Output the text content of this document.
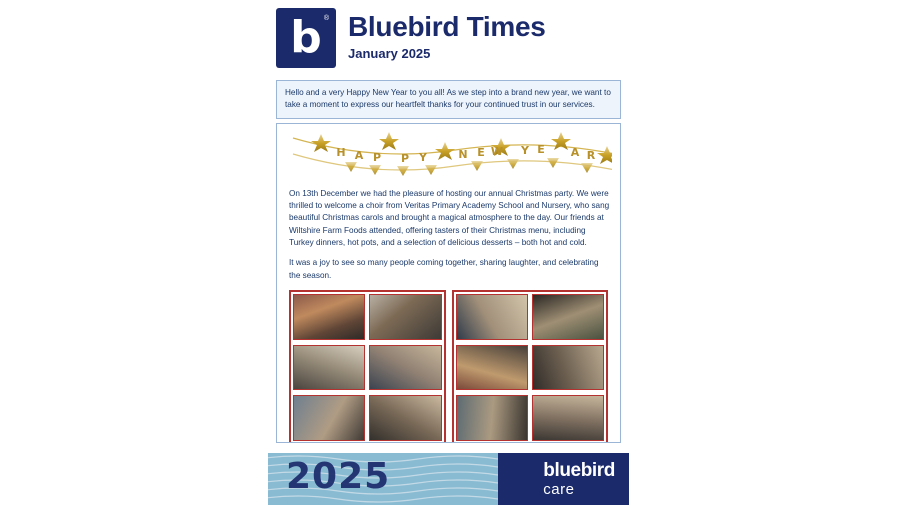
b ® Bluebird Times
January 2025
Hello and a very Happy New Year to you all! As we step into a brand new year, we want to take a moment to express our heartfelt thanks for your continued trust in our services.
H A P P Y	N E W Y E A R

On 13th December we had the pleasure of hosting our annual Christmas party. We were thrilled to welcome a choir from Veritas Primary Academy School and Nursery, who sang beautiful Christmas carols and brought a magical atmosphere to the day. Our friends at Wiltshire Farm Foods attended, offering tasters of their Christmas menu, including Turkey dinners, hot pots, and a selection of delicious desserts – both hot and cold.

It was a joy to see so many people coming together, sharing laughter, and celebrating the season.

2025	bluebird
care
